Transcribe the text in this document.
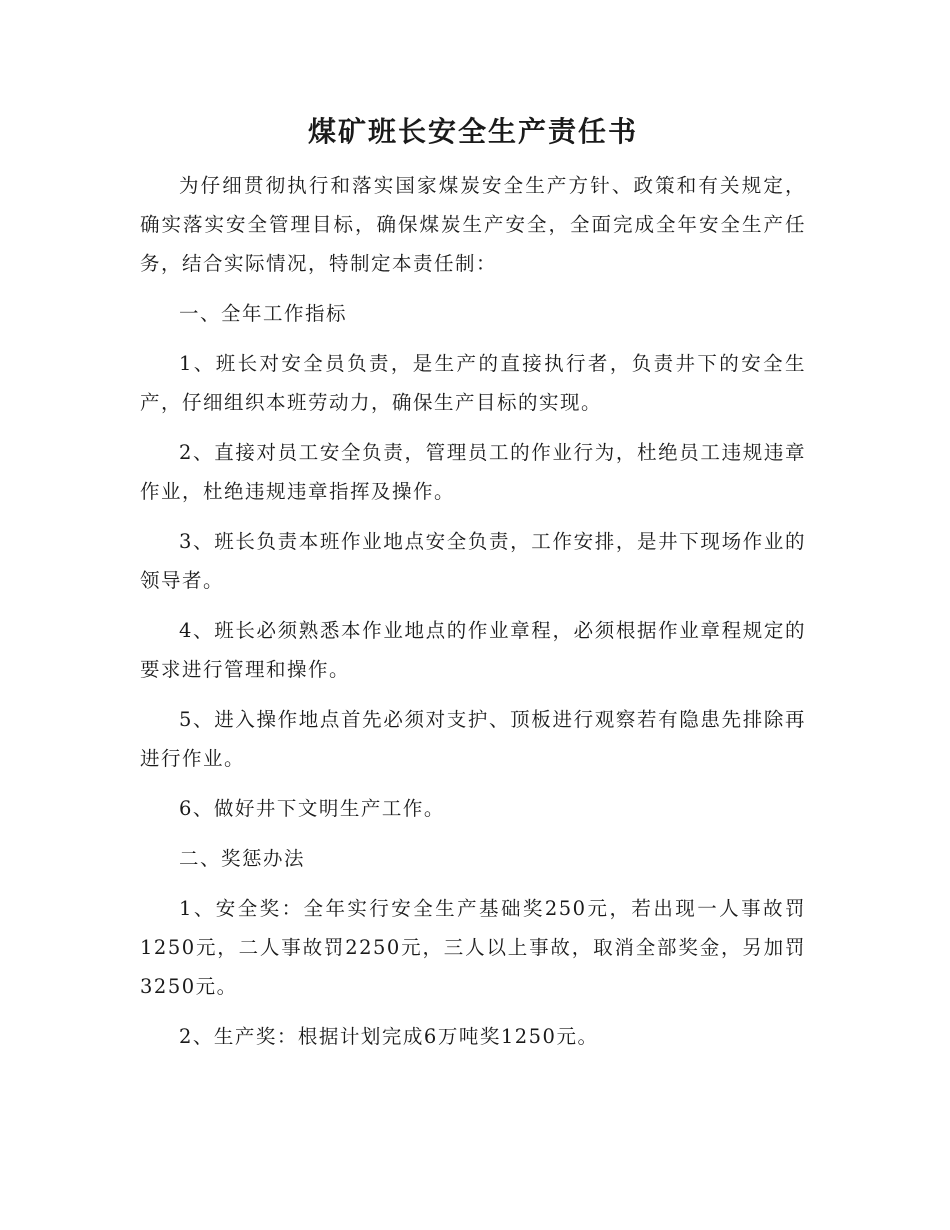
煤矿班长安全生产责任书

为仔细贯彻执行和落实国家煤炭安全生产方针、政策和有关规定，确实落实安全管理目标，确保煤炭生产安全，全面完成全年安全生产任务，结合实际情况，特制定本责任制：

一、全年工作指标

1、班长对安全员负责，是生产的直接执行者，负责井下的安全生产，仔细组织本班劳动力，确保生产目标的实现。

2、直接对员工安全负责，管理员工的作业行为，杜绝员工违规违章作业，杜绝违规违章指挥及操作。

3、班长负责本班作业地点安全负责，工作安排，是井下现场作业的领导者。

4、班长必须熟悉本作业地点的作业章程，必须根据作业章程规定的要求进行管理和操作。

5、进入操作地点首先必须对支护、顶板进行观察若有隐患先排除再进行作业。

6、做好井下文明生产工作。

二、奖惩办法

1、安全奖：全年实行安全生产基础奖250元，若出现一人事故罚1250元，二人事故罚2250元，三人以上事故，取消全部奖金，另加罚3250元。

2、生产奖：根据计划完成6万吨奖1250元。
